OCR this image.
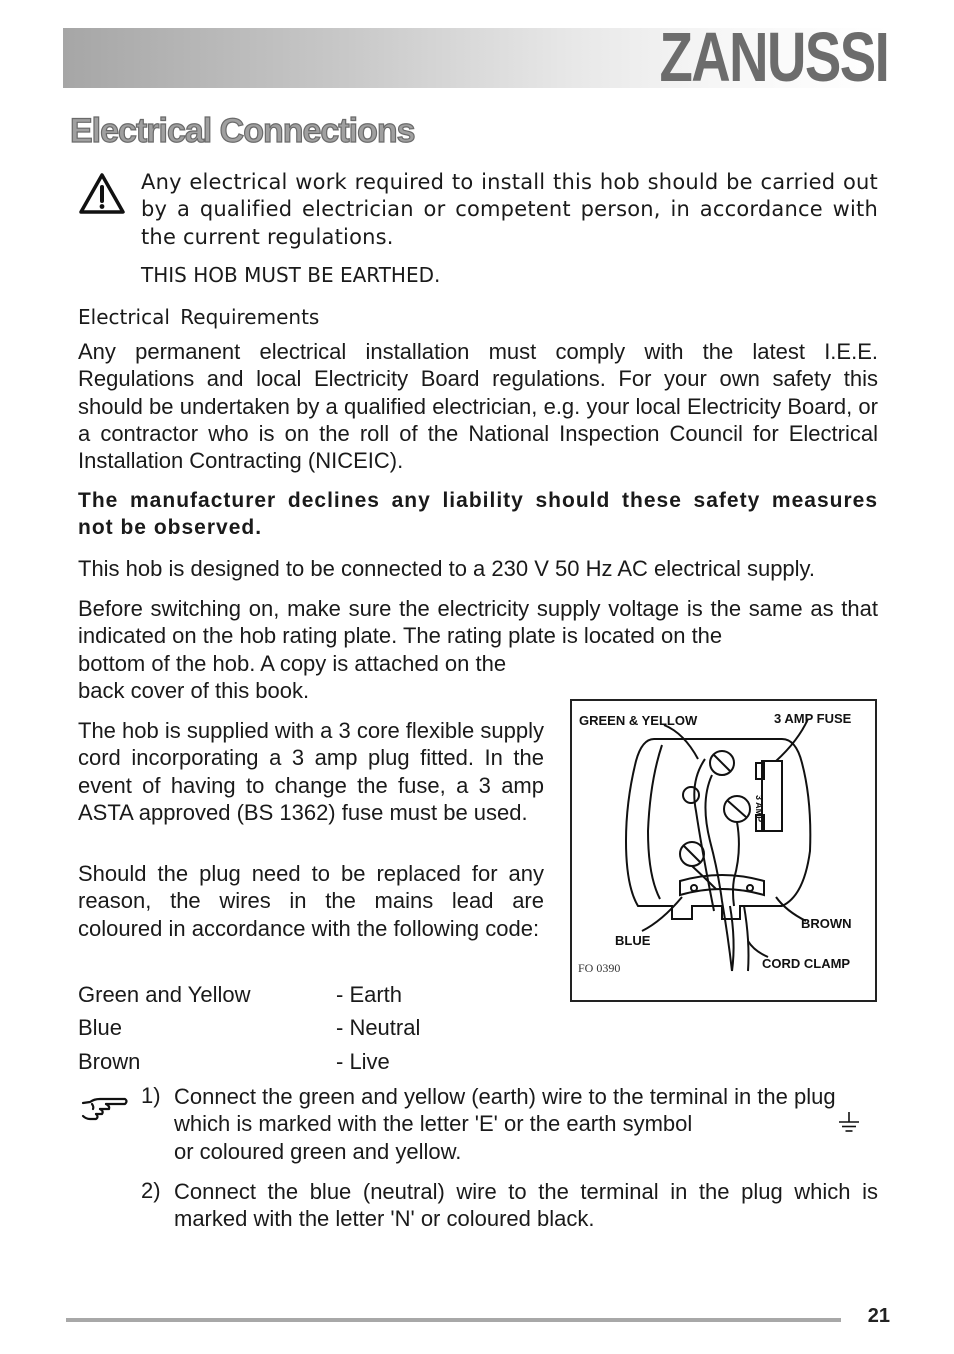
ZANUSSI
Electrical Connections

Any electrical work required to install this hob should be carried out by a qualified electrician or competent person, in accordance with the current regulations.

THIS HOB MUST BE EARTHED.

Electrical Requirements

Any permanent electrical installation must comply with the latest I.E.E. Regulations and local Electricity Board regulations. For your own safety this should be undertaken by a qualified electrician, e.g. your local Electricity Board, or a contractor who is on the roll of the National Inspection Council for Electrical Installation Contracting (NICEIC).

The manufacturer declines any liability should these safety measures not be observed.

This hob is designed to be connected to a 230 V 50 Hz AC electrical supply.

Before switching on, make sure the electricity supply voltage is the same as that indicated on the hob rating plate. The rating plate is located on the

bottom of the hob. A copy is attached on the back cover of this book.

The hob is supplied with a 3 core flexible supply cord incorporating a 3 amp plug fitted. In the event of having to change the fuse, a 3 amp ASTA approved (BS 1362) fuse must be used.

Should the plug need to be replaced for any reason, the wires in the mains lead are coloured in accordance with the following code:

Green and Yellow	- Earth
Blue	- Neutral
Brown	- Live
GREEN & YELLOW	3 AMP FUSE
3 AMP
BROWN
BLUE
CORD CLAMP
FO 0390
1) Connect the green and yellow (earth) wire to the terminal in the plug which is marked with the letter 'E' or the earth symbol

or coloured green and yellow.

2) Connect the blue (neutral) wire to the terminal in the plug which is marked with the letter 'N' or coloured black.

21
